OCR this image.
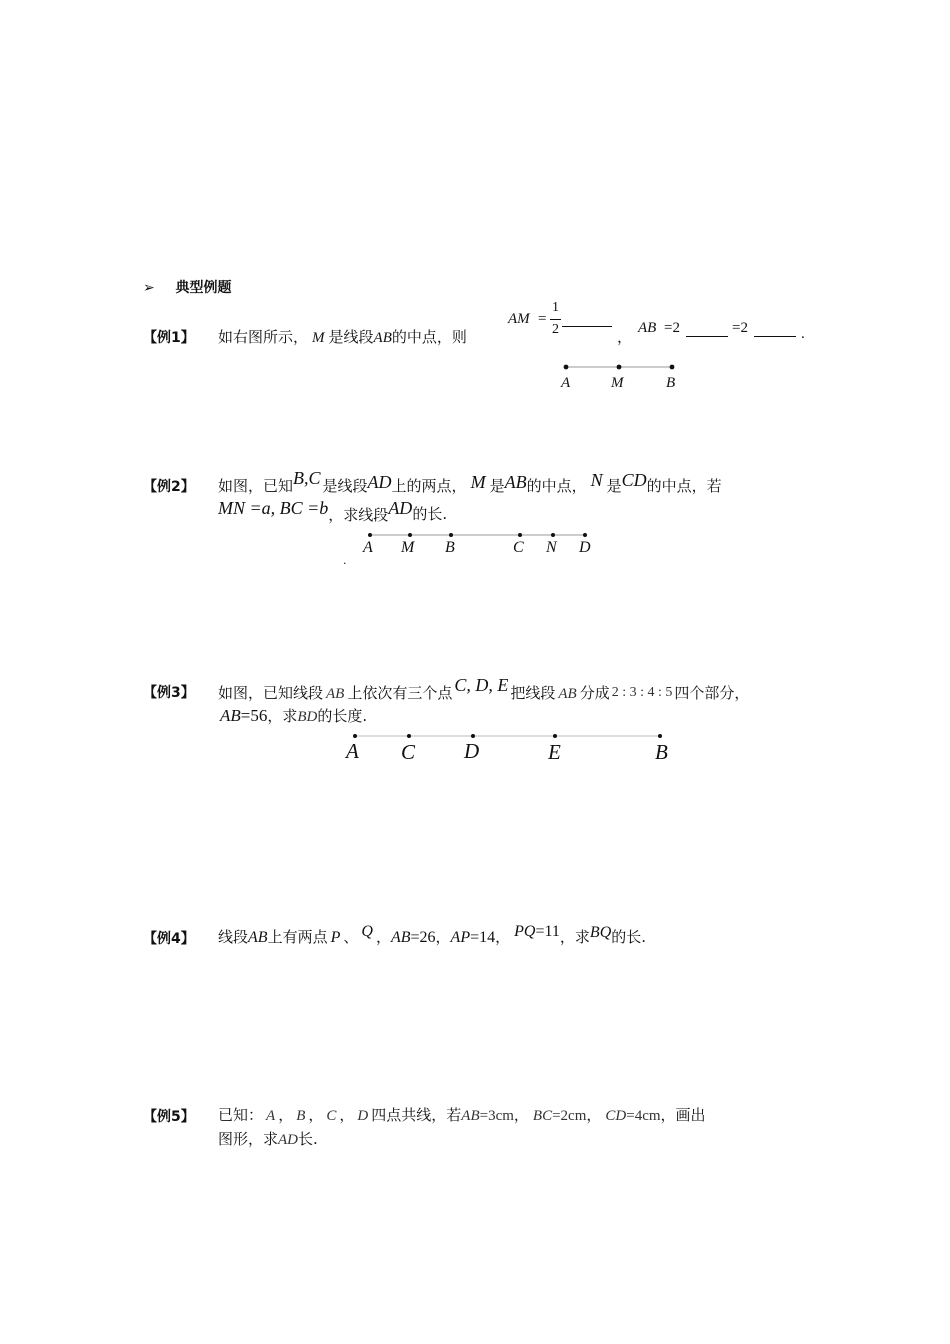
➢ 典型例题
【例1】 如右图所示， M 是线段AB的中点，则
AM =
1
2	， AB =2	=2	.
A	M	B
【例2】 如图，已知B,C 是线段AD上的两点， M 是AB的中点， N 是CD的中点，若
MN =a, BC =b，求线段AD的长.
A M B	C N D
.
【例3】 如图，已知线段 AB 上依次有三个点 C, D, E 把线段 AB 分成 2 : 3 : 4 : 5 四个部分，
AB=56，求BD的长度.
A C D	E	B
【例4】 线段AB上有两点 P 、 Q ，AB=26，AP=14， PQ=11，求BQ的长.
【例5】 已知： A ， B ， C ， D 四点共线，若AB=3cm， BC=2cm， CD=4cm，画出
图形，求AD长.
